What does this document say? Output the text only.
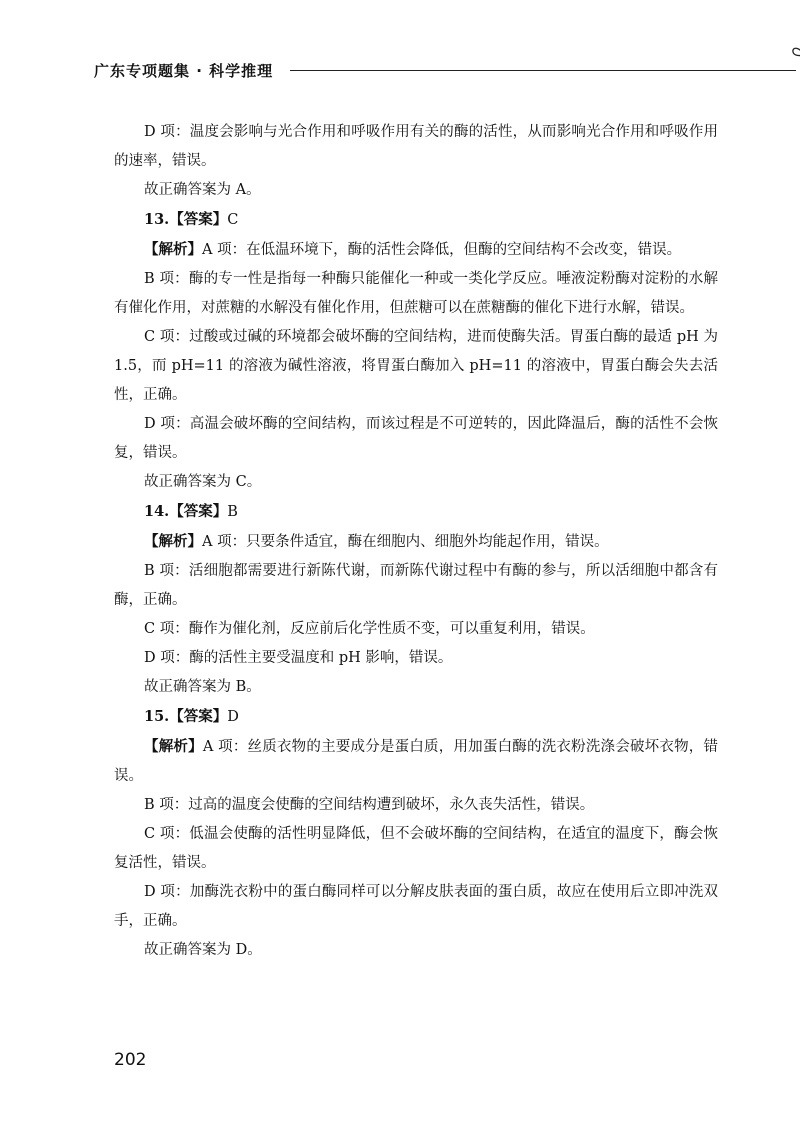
广东专项题集 · 科学推理

D 项：温度会影响与光合作用和呼吸作用有关的酶的活性，从而影响光合作用和呼吸作用的速率，错误。

故正确答案为 A。

13.【答案】C

【解析】A 项：在低温环境下，酶的活性会降低，但酶的空间结构不会改变，错误。

B 项：酶的专一性是指每一种酶只能催化一种或一类化学反应。唾液淀粉酶对淀粉的水解有催化作用，对蔗糖的水解没有催化作用，但蔗糖可以在蔗糖酶的催化下进行水解，错误。

C 项：过酸或过碱的环境都会破坏酶的空间结构，进而使酶失活。胃蛋白酶的最适 pH 为 1.5，而 pH=11 的溶液为碱性溶液，将胃蛋白酶加入 pH=11 的溶液中，胃蛋白酶会失去活性，正确。

D 项：高温会破坏酶的空间结构，而该过程是不可逆转的，因此降温后，酶的活性不会恢复，错误。

故正确答案为 C。

14.【答案】B

【解析】A 项：只要条件适宜，酶在细胞内、细胞外均能起作用，错误。

B 项：活细胞都需要进行新陈代谢，而新陈代谢过程中有酶的参与，所以活细胞中都含有酶，正确。

C 项：酶作为催化剂，反应前后化学性质不变，可以重复利用，错误。

D 项：酶的活性主要受温度和 pH 影响，错误。

故正确答案为 B。

15.【答案】D

【解析】A 项：丝质衣物的主要成分是蛋白质，用加蛋白酶的洗衣粉洗涤会破坏衣物，错误。

B 项：过高的温度会使酶的空间结构遭到破坏，永久丧失活性，错误。

C 项：低温会使酶的活性明显降低，但不会破坏酶的空间结构，在适宜的温度下，酶会恢复活性，错误。

D 项：加酶洗衣粉中的蛋白酶同样可以分解皮肤表面的蛋白质，故应在使用后立即冲洗双手，正确。

故正确答案为 D。

202
